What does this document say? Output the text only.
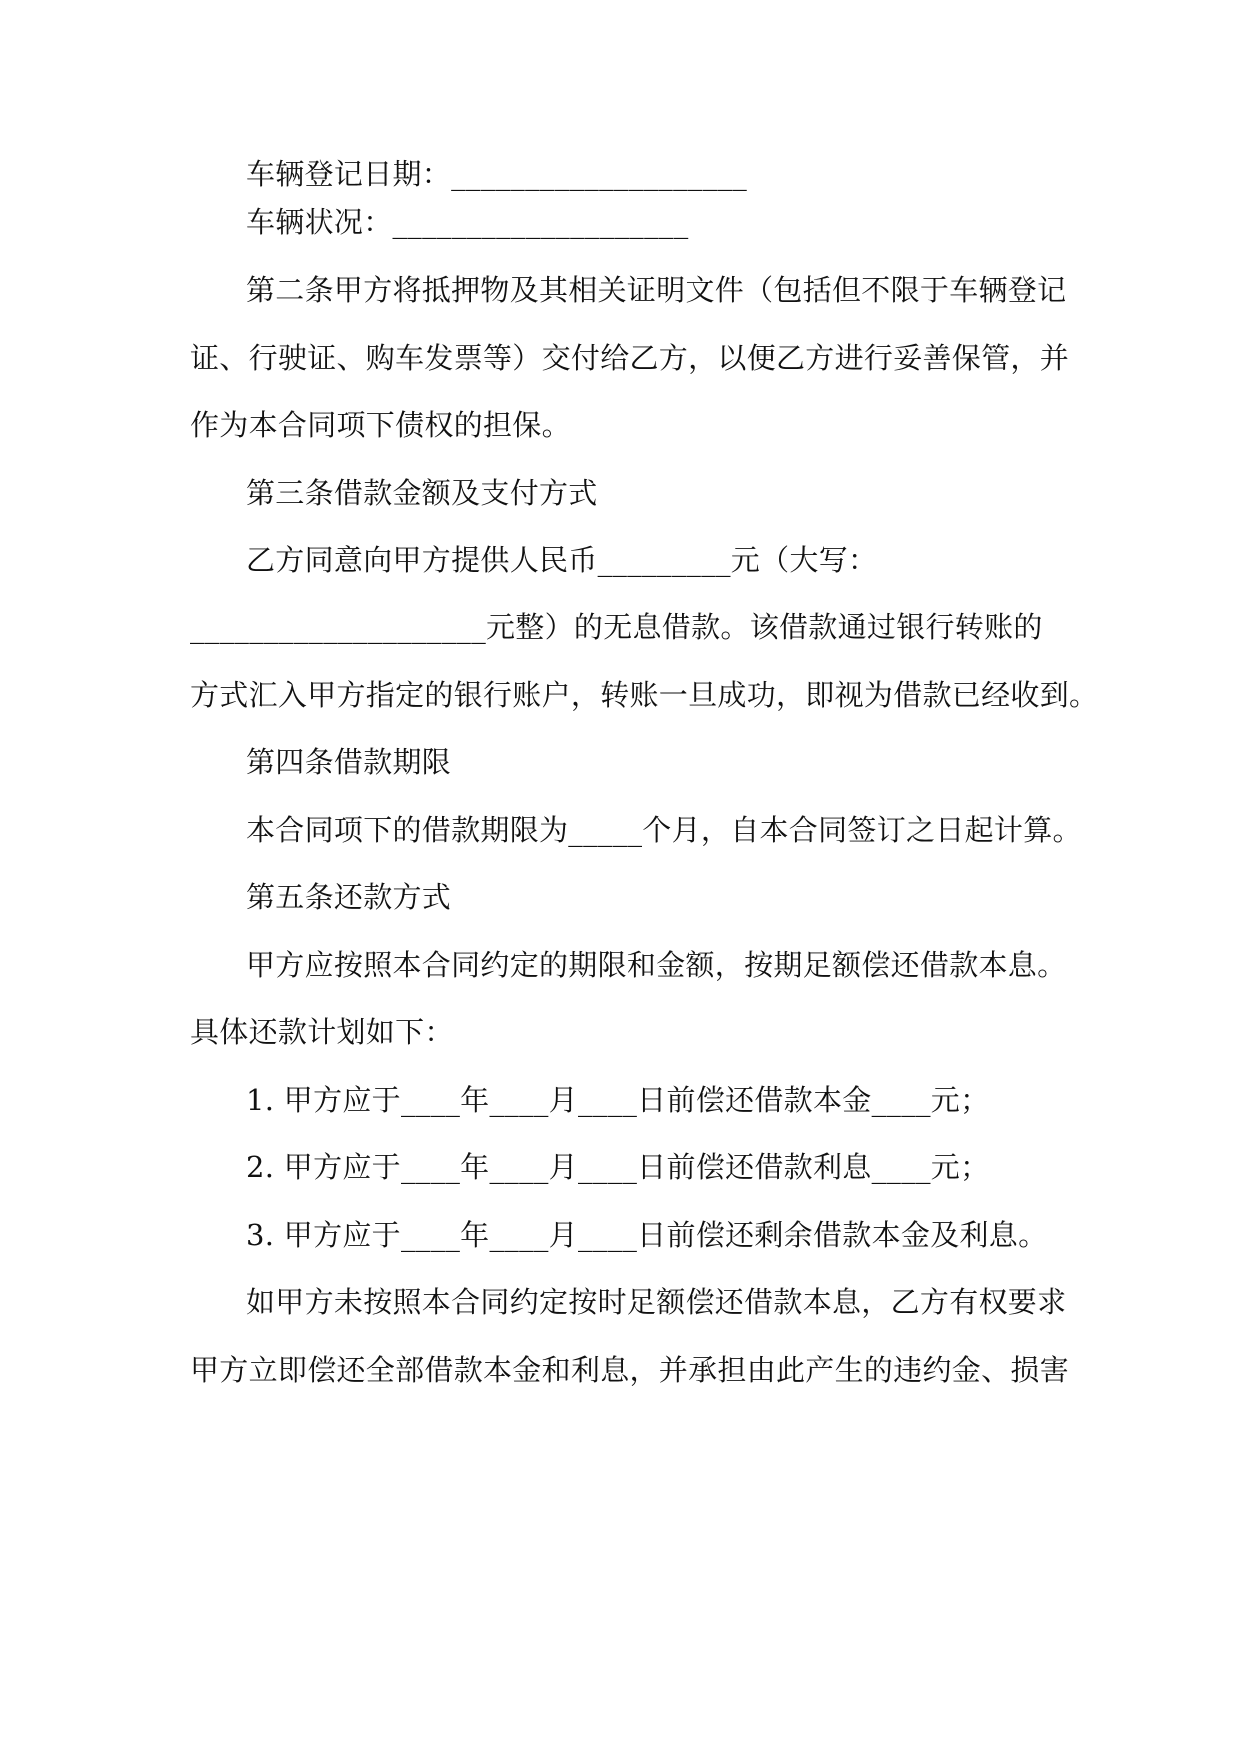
车辆登记日期：____________________
车辆状况：____________________
第二条甲方将抵押物及其相关证明文件（包括但不限于车辆登记
证、行驶证、购车发票等）交付给乙方，以便乙方进行妥善保管，并
作为本合同项下债权的担保。
第三条借款金额及支付方式
乙方同意向甲方提供人民币_________元（大写：
____________________元整）的无息借款。该借款通过银行转账的
方式汇入甲方指定的银行账户，转账一旦成功，即视为借款已经收到。
第四条借款期限
本合同项下的借款期限为_____个月，自本合同签订之日起计算。
第五条还款方式
甲方应按照本合同约定的期限和金额，按期足额偿还借款本息。
具体还款计划如下：
1. 甲方应于____年____月____日前偿还借款本金____元；
2. 甲方应于____年____月____日前偿还借款利息____元；
3. 甲方应于____年____月____日前偿还剩余借款本金及利息。
如甲方未按照本合同约定按时足额偿还借款本息，乙方有权要求
甲方立即偿还全部借款本金和利息，并承担由此产生的违约金、损害
